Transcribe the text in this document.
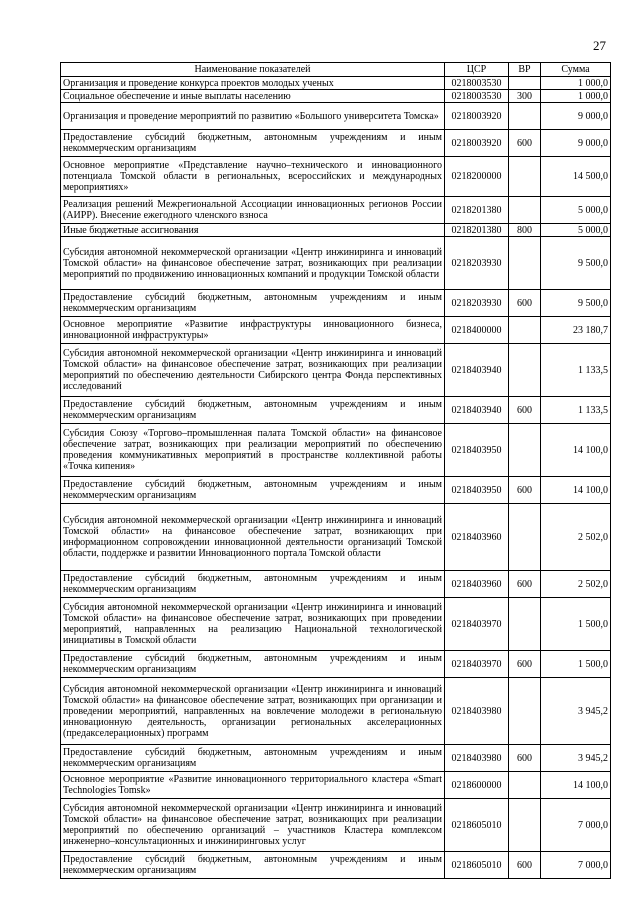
27
Наименование показателей	ЦСР	ВР	Сумма
Организация и проведение конкурса проектов молодых ученых	0218003530		1 000,0
Социальное обеспечение и иные выплаты населению	0218003530	300	1 000,0
Организация и проведение мероприятий по развитию «Большого университета Томска»	0218003920		9 000,0
Предоставление субсидий бюджетным, автономным учреждениям и иным некоммерческим организациям	0218003920	600	9 000,0
Основное мероприятие «Представление научно–технического и инновационного потенциала Томской области в региональных, всероссийских и международных мероприятиях»	0218200000		14 500,0
Реализация решений Межрегиональной Ассоциации инновационных регионов России (АИРР). Внесение ежегодного членского взноса	0218201380		5 000,0
Иные бюджетные ассигнования	0218201380	800	5 000,0
Субсидия автономной некоммерческой организации «Центр инжиниринга и инноваций Томской области» на финансовое обеспечение затрат, возникающих при реализации мероприятий по продвижению инновационных компаний и продукции Томской области	0218203930		9 500,0
Предоставление субсидий бюджетным, автономным учреждениям и иным некоммерческим организациям	0218203930	600	9 500,0
Основное мероприятие «Развитие инфраструктуры инновационного бизнеса, инновационной инфраструктуры»	0218400000		23 180,7
Субсидия автономной некоммерческой организации «Центр инжиниринга и инноваций Томской области» на финансовое обеспечение затрат, возникающих при реализации мероприятий по обеспечению деятельности Сибирского центра Фонда перспективных исследований	0218403940		1 133,5
Предоставление субсидий бюджетным, автономным учреждениям и иным некоммерческим организациям	0218403940	600	1 133,5
Субсидия Союзу «Торгово–промышленная палата Томской области» на финансовое обеспечение затрат, возникающих при реализации мероприятий по обеспечению проведения коммуникативных мероприятий в пространстве коллективной работы «Точка кипения»	0218403950		14 100,0
Предоставление субсидий бюджетным, автономным учреждениям и иным некоммерческим организациям	0218403950	600	14 100,0
Субсидия автономной некоммерческой организации «Центр инжиниринга и инноваций Томской области» на финансовое обеспечение затрат, возникающих при информационном сопровождении инновационной деятельности организаций Томской области, поддержке и развитии Инновационного портала Томской области	0218403960		2 502,0
Предоставление субсидий бюджетным, автономным учреждениям и иным некоммерческим организациям	0218403960	600	2 502,0
Субсидия автономной некоммерческой организации «Центр инжиниринга и инноваций Томской области» на финансовое обеспечение затрат, возникающих при проведении мероприятий, направленных на реализацию Национальной технологической инициативы в Томской области	0218403970		1 500,0
Предоставление субсидий бюджетным, автономным учреждениям и иным некоммерческим организациям	0218403970	600	1 500,0
Субсидия автономной некоммерческой организации «Центр инжиниринга и инноваций Томской области» на финансовое обеспечение затрат, возникающих при организации и проведении мероприятий, направленных на вовлечение молодежи в региональную инновационную деятельность, организации региональных акселерационных (предакселерационных) программ	0218403980		3 945,2
Предоставление субсидий бюджетным, автономным учреждениям и иным некоммерческим организациям	0218403980	600	3 945,2
Основное мероприятие «Развитие инновационного территориального кластера «Smart Technologies Tomsk»	0218600000		14 100,0
Субсидия автономной некоммерческой организации «Центр инжиниринга и инноваций Томской области» на финансовое обеспечение затрат, возникающих при реализации мероприятий по обеспечению организаций – участников Кластера комплексом инженерно–консультационных и инжиниринговых услуг	0218605010		7 000,0
Предоставление субсидий бюджетным, автономным учреждениям и иным некоммерческим организациям	0218605010	600	7 000,0
